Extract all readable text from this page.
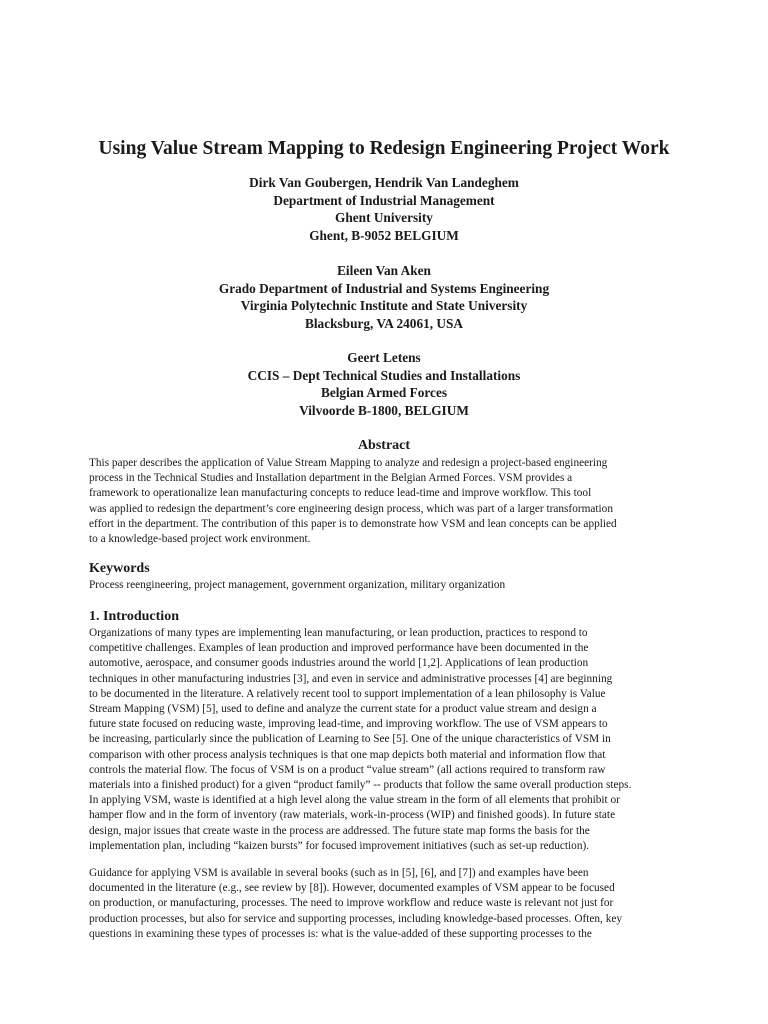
Using Value Stream Mapping to Redesign Engineering Project Work
Dirk Van Goubergen, Hendrik Van Landeghem
Department of Industrial Management
Ghent University
Ghent, B-9052 BELGIUM
Eileen Van Aken
Grado Department of Industrial and Systems Engineering
Virginia Polytechnic Institute and State University
Blacksburg, VA 24061, USA
Geert Letens
CCIS – Dept Technical Studies and Installations
Belgian Armed Forces
Vilvoorde B-1800, BELGIUM
Abstract
This paper describes the application of Value Stream Mapping to analyze and redesign a project-based engineering
process in the Technical Studies and Installation department in the Belgian Armed Forces. VSM provides a
framework to operationalize lean manufacturing concepts to reduce lead-time and improve workflow. This tool
was applied to redesign the department’s core engineering design process, which was part of a larger transformation
effort in the department. The contribution of this paper is to demonstrate how VSM and lean concepts can be applied
to a knowledge-based project work environment.
Keywords
Process reengineering, project management, government organization, military organization
1. Introduction
Organizations of many types are implementing lean manufacturing, or lean production, practices to respond to
competitive challenges. Examples of lean production and improved performance have been documented in the
automotive, aerospace, and consumer goods industries around the world [1,2]. Applications of lean production
techniques in other manufacturing industries [3], and even in service and administrative processes [4] are beginning
to be documented in the literature. A relatively recent tool to support implementation of a lean philosophy is Value
Stream Mapping (VSM) [5], used to define and analyze the current state for a product value stream and design a
future state focused on reducing waste, improving lead-time, and improving workflow. The use of VSM appears to
be increasing, particularly since the publication of Learning to See [5]. One of the unique characteristics of VSM in
comparison with other process analysis techniques is that one map depicts both material and information flow that
controls the material flow. The focus of VSM is on a product “value stream” (all actions required to transform raw
materials into a finished product) for a given “product family” -- products that follow the same overall production steps.
In applying VSM, waste is identified at a high level along the value stream in the form of all elements that prohibit or
hamper flow and in the form of inventory (raw materials, work-in-process (WIP) and finished goods). In future state
design, major issues that create waste in the process are addressed. The future state map forms the basis for the
implementation plan, including “kaizen bursts” for focused improvement initiatives (such as set-up reduction).
Guidance for applying VSM is available in several books (such as in [5], [6], and [7]) and examples have been
documented in the literature (e.g., see review by [8]). However, documented examples of VSM appear to be focused
on production, or manufacturing, processes. The need to improve workflow and reduce waste is relevant not just for
production processes, but also for service and supporting processes, including knowledge-based processes. Often, key
questions in examining these types of processes is: what is the value-added of these supporting processes to the
